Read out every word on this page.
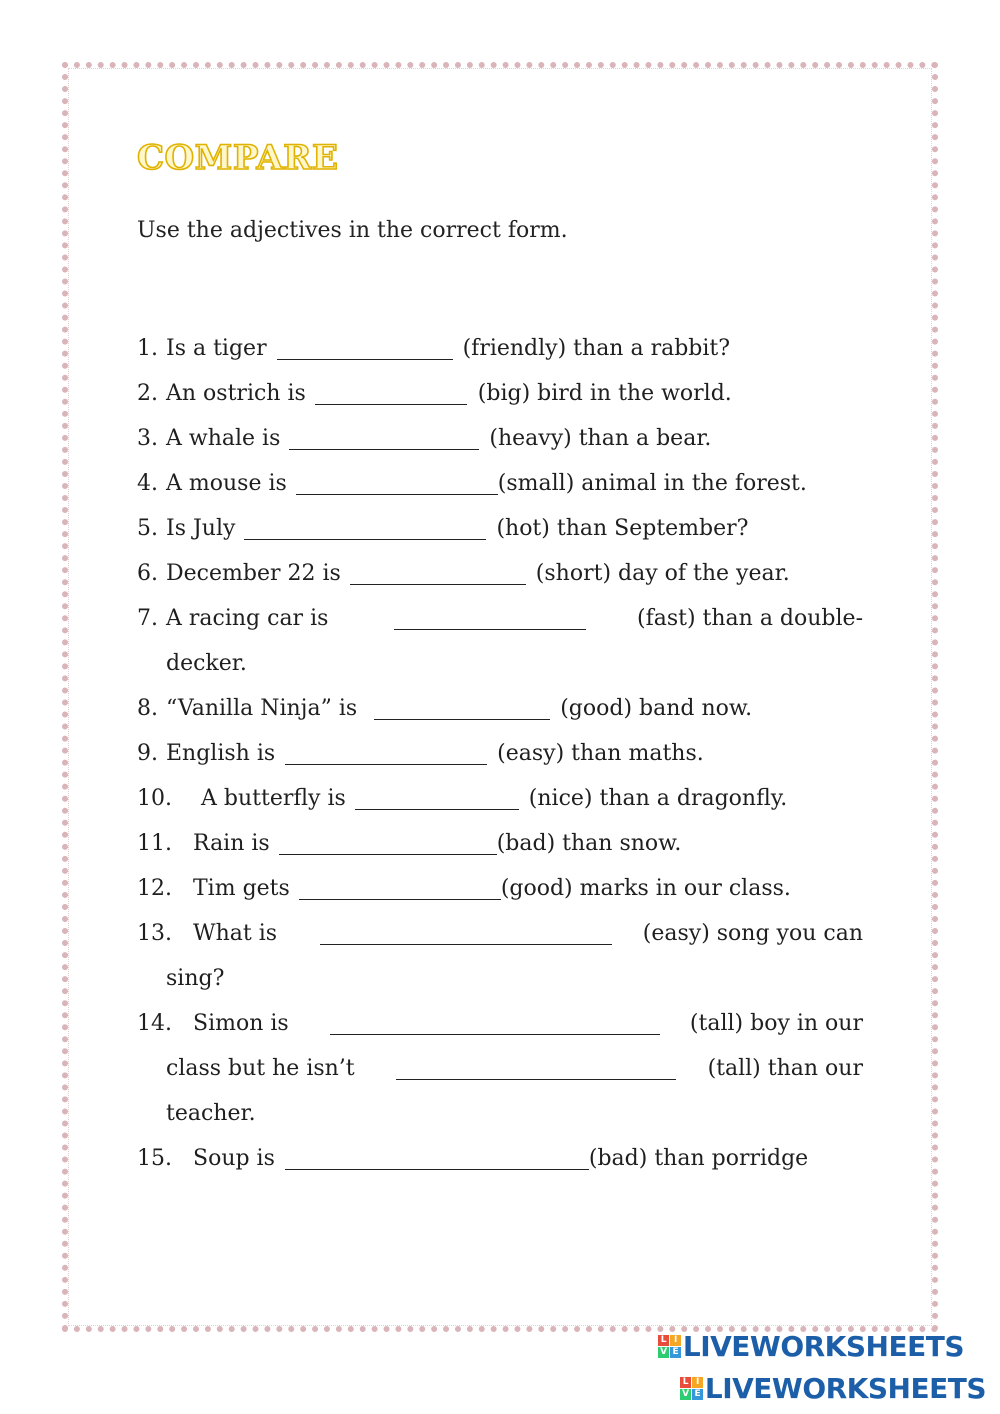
COMPARE
Use the adjectives in the correct form.
1. Is a tiger	(friendly) than a rabbit?
2. An ostrich is	(big) bird in the world.
3. A whale is	(heavy) than a bear.
4. A mouse is	(small) animal in the forest.
5. Is July	(hot) than September?
6. December 22 is	(short) day of the year.
7. A racing car is	(fast) than a double-
decker.
8. “Vanilla Ninja” is	(good) band now.
9. English is	(easy) than maths.
10.	A butterfly is	(nice) than a dragonfly.
11. Rain is	(bad) than snow.
12. Tim gets	(good) marks in our class.
13. What is	(easy) song you can
sing?
14. Simon is	(tall) boy in our
class but he isn’t	(tall) than our
teacher.
15. Soup is	(bad) than porridge
L I
V E LIVEWORKSHEETS
L I
V E LIVEWORKSHEETS
